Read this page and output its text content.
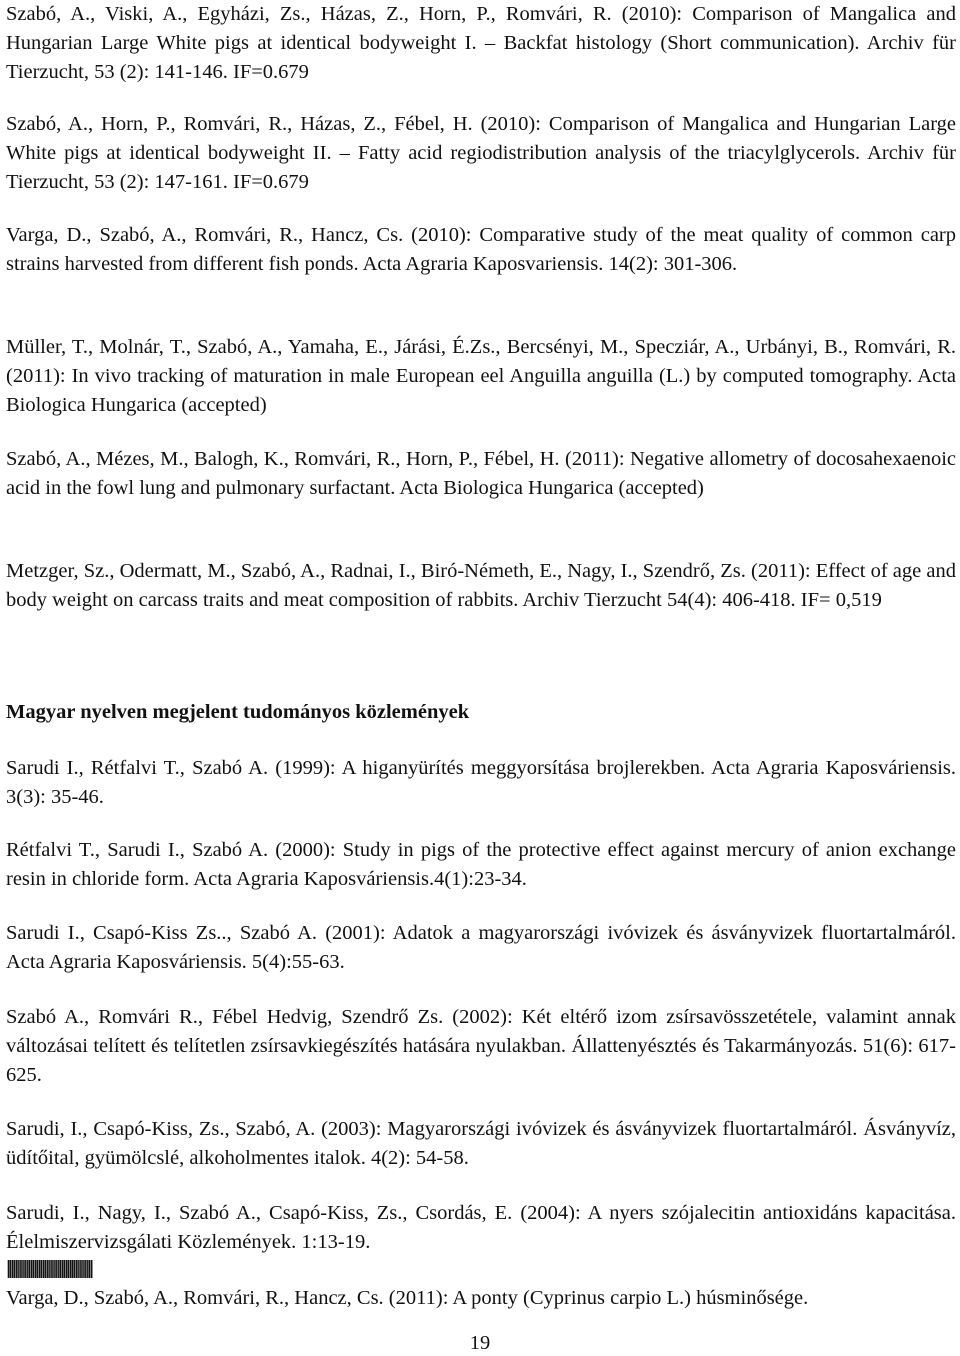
Szabó, A., Viski, A., Egyházi, Zs., Házas, Z., Horn, P., Romvári, R. (2010): Comparison of Mangalica and Hungarian Large White pigs at identical bodyweight I. – Backfat histology (Short communication). Archiv für Tierzucht, 53 (2): 141-146. IF=0.679

Szabó, A., Horn, P., Romvári, R., Házas, Z., Fébel, H. (2010): Comparison of Mangalica and Hungarian Large White pigs at identical bodyweight II. – Fatty acid regiodistribution analysis of the triacylglycerols. Archiv für Tierzucht, 53 (2): 147-161. IF=0.679

Varga, D., Szabó, A., Romvári, R., Hancz, Cs. (2010): Comparative study of the meat quality of common carp strains harvested from different fish ponds. Acta Agraria Kaposvariensis. 14(2): 301-306.

Müller, T., Molnár, T., Szabó, A., Yamaha, E., Járási, É.Zs., Bercsényi, M., Specziár, A., Urbányi, B., Romvári, R. (2011): In vivo tracking of maturation in male European eel Anguilla anguilla (L.) by computed tomography. Acta Biologica Hungarica (accepted)

Szabó, A., Mézes, M., Balogh, K., Romvári, R., Horn, P., Fébel, H. (2011): Negative allometry of docosahexaenoic acid in the fowl lung and pulmonary surfactant. Acta Biologica Hungarica (accepted)

Metzger, Sz., Odermatt, M., Szabó, A., Radnai, I., Biró-Németh, E., Nagy, I., Szendrő, Zs. (2011): Effect of age and body weight on carcass traits and meat composition of rabbits. Archiv Tierzucht 54(4): 406-418. IF= 0,519

Magyar nyelven megjelent tudományos közlemények

Sarudi I., Rétfalvi T., Szabó A. (1999): A higanyürítés meggyorsítása brojlerekben. Acta Agraria Kaposváriensis. 3(3): 35-46.

Rétfalvi T., Sarudi I., Szabó A. (2000): Study in pigs of the protective effect against mercury of anion exchange resin in chloride form. Acta Agraria Kaposváriensis.4(1):23-34.

Sarudi I., Csapó-Kiss Zs.., Szabó A. (2001): Adatok a magyarországi ivóvizek és ásványvizek fluortartalmáról. Acta Agraria Kaposváriensis. 5(4):55-63.

Szabó A., Romvári R., Fébel Hedvig, Szendrő Zs. (2002): Két eltérő izom zsírsavösszetétele, valamint annak változásai telített és telítetlen zsírsavkiegészítés hatására nyulakban. Állattenyésztés és Takarmányozás. 51(6): 617-625.

Sarudi, I., Csapó-Kiss, Zs., Szabó, A. (2003): Magyarországi ivóvizek és ásványvizek fluortartalmáról. Ásványvíz, üdítőital, gyümölcslé, alkoholmentes italok. 4(2): 54-58.

Sarudi, I., Nagy, I., Szabó A., Csapó-Kiss, Zs., Csordás, E. (2004): A nyers szójalecitin antioxidáns kapacitása. Élelmiszervizsgálati Közlemények. 1:13-19.

||||||||||||||||||||||||||||||||||||||||||||

Varga, D., Szabó, A., Romvári, R., Hancz, Cs. (2011): A ponty (Cyprinus carpio L.) húsminősége.

19
